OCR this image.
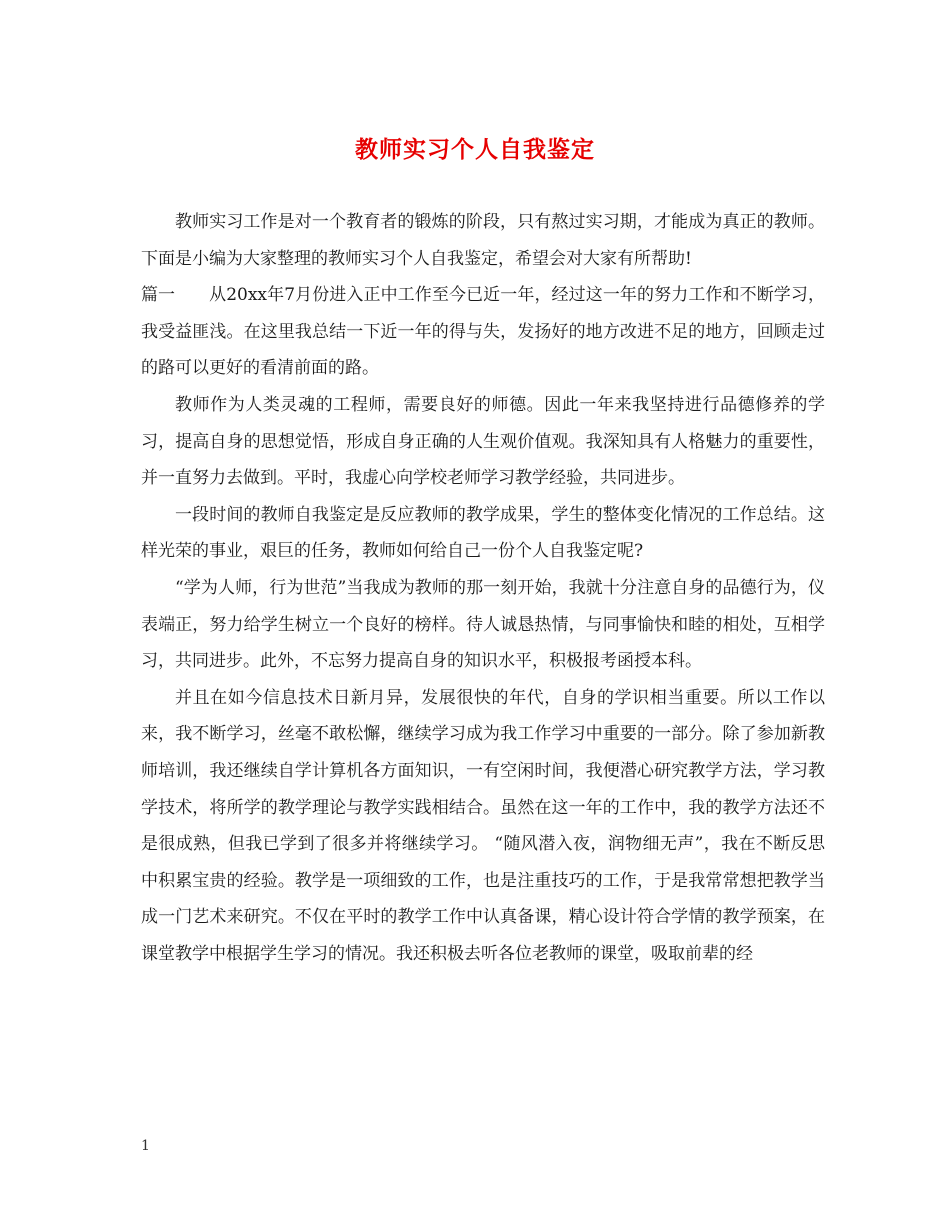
教师实习个人自我鉴定

教师实习工作是对一个教育者的锻炼的阶段，只有熬过实习期，才能成为真正的教师。下面是小编为大家整理的教师实习个人自我鉴定，希望会对大家有所帮助!

篇一 从20xx年7月份进入正中工作至今已近一年，经过这一年的努力工作和不断学习，我受益匪浅。在这里我总结一下近一年的得与失，发扬好的地方改进不足的地方，回顾走过的路可以更好的看清前面的路。

教师作为人类灵魂的工程师，需要良好的师德。因此一年来我坚持进行品德修养的学习，提高自身的思想觉悟，形成自身正确的人生观价值观。我深知具有人格魅力的重要性，并一直努力去做到。平时，我虚心向学校老师学习教学经验，共同进步。

一段时间的教师自我鉴定是反应教师的教学成果，学生的整体变化情况的工作总结。这样光荣的事业，艰巨的任务，教师如何给自己一份个人自我鉴定呢?

“学为人师，行为世范”当我成为教师的那一刻开始，我就十分注意自身的品德行为，仪表端正，努力给学生树立一个良好的榜样。待人诚恳热情，与同事愉快和睦的相处，互相学习，共同进步。此外，不忘努力提高自身的知识水平，积极报考函授本科。

并且在如今信息技术日新月异，发展很快的年代，自身的学识相当重要。所以工作以来，我不断学习，丝毫不敢松懈，继续学习成为我工作学习中重要的一部分。除了参加新教师培训，我还继续自学计算机各方面知识，一有空闲时间，我便潜心研究教学方法，学习教学技术，将所学的教学理论与教学实践相结合。虽然在这一年的工作中，我的教学方法还不是很成熟，但我已学到了很多并将继续学习。 “随风潜入夜，润物细无声”，我在不断反思中积累宝贵的经验。教学是一项细致的工作，也是注重技巧的工作，于是我常常想把教学当成一门艺术来研究。不仅在平时的教学工作中认真备课，精心设计符合学情的教学预案，在课堂教学中根据学生学习的情况。我还积极去听各位老教师的课堂，吸取前辈的经

1
